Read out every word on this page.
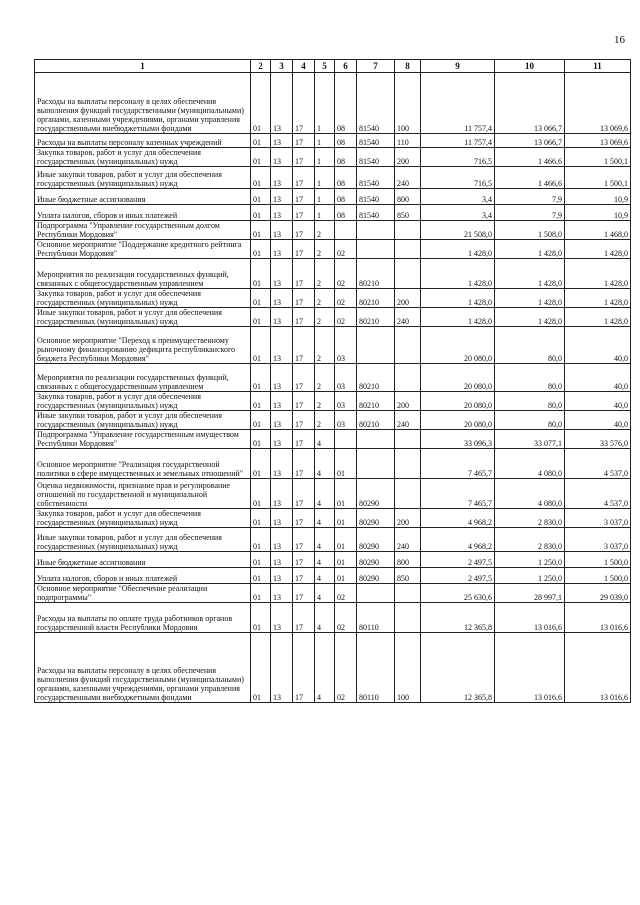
16
1	2	3	4	5	6	7	8	9	10	11
Расходы на выплаты персоналу в целях обеспечения выполнения функций государственными (муниципальными) органами, казенными учреждениями, органами управления государственными внебюджетными фондами	01	13	17	1	08	81540	100	11 757,4	13 066,7	13 069,6
Расходы на выплаты персоналу казенных учреждений	01	13	17	1	08	81540	110	11 757,4	13 066,7	13 069,6
Закупка товаров, работ и услуг для обеспечения государственных (муниципальных) нужд	01	13	17	1	08	81540	200	716,5	1 466,6	1 500,1
Иные закупки товаров, работ и услуг для обеспечения государственных (муниципальных) нужд	01	13	17	1	08	81540	240	716,5	1 466,6	1 500,1
Иные бюджетные ассигнования	01	13	17	1	08	81540	800	3,4	7,9	10,9
Уплата налогов, сборов и иных платежей	01	13	17	1	08	81540	850	3,4	7,9	10,9
Подпрограмма "Управление государственным долгом Республики Мордовия"	01	13	17	2				21 508,0	1 508,0	1 468,0
Основное мероприятие "Поддержание кредитного рейтинга Республики Мордовия"	01	13	17	2	02			1 428,0	1 428,0	1 428,0
Мероприятия по реализации государственных функций, связанных с общегосударственным управлением	01	13	17	2	02	80210		1 428,0	1 428,0	1 428,0
Закупка товаров, работ и услуг для обеспечения государственных (муниципальных) нужд	01	13	17	2	02	80210	200	1 428,0	1 428,0	1 428,0
Иные закупки товаров, работ и услуг для обеспечения государственных (муниципальных) нужд	01	13	17	2	02	80210	240	1 428,0	1 428,0	1 428,0
Основное мероприятие "Переход к преимущественному рыночному финансированию дефицита республиканского бюджета Республики Мордовия"	01	13	17	2	03			20 080,0	80,0	40,0
Мероприятия по реализации государственных функций, связанных с общегосударственным управлением	01	13	17	2	03	80210		20 080,0	80,0	40,0
Закупка товаров, работ и услуг для обеспечения государственных (муниципальных) нужд	01	13	17	2	03	80210	200	20 080,0	80,0	40,0
Иные закупки товаров, работ и услуг для обеспечения государственных (муниципальных) нужд	01	13	17	2	03	80210	240	20 080,0	80,0	40,0
Подпрограмма "Управление государственным имуществом Республики Мордовия"	01	13	17	4				33 096,3	33 077,1	33 576,0
Основное мероприятие "Реализация государственной политики в сфере имущественных и земельных отношений"	01	13	17	4	01			7 465,7	4 080,0	4 537,0
Оценка недвижимости, признание прав и регулирование отношений по государственной и муниципальной собственности	01	13	17	4	01	80290		7 465,7	4 080,0	4 537,0
Закупка товаров, работ и услуг для обеспечения государственных (муниципальных) нужд	01	13	17	4	01	80290	200	4 968,2	2 830,0	3 037,0
Иные закупки товаров, работ и услуг для обеспечения государственных (муниципальных) нужд	01	13	17	4	01	80290	240	4 968,2	2 830,0	3 037,0
Иные бюджетные ассигнования	01	13	17	4	01	80290	800	2 497,5	1 250,0	1 500,0
Уплата налогов, сборов и иных платежей	01	13	17	4	01	80290	850	2 497,5	1 250,0	1 500,0
Основное мероприятие "Обеспечение реализации подпрограммы"	01	13	17	4	02			25 630,6	28 997,1	29 039,0
Расходы на выплаты по оплате труда работников органов государственной власти Республики Мордовия	01	13	17	4	02	80110		12 365,8	13 016,6	13 016,6
Расходы на выплаты персоналу в целях обеспечения выполнения функций государственными (муниципальными) органами, казенными учреждениями, органами управления государственными внебюджетными фондами	01	13	17	4	02	80110	100	12 365,8	13 016,6	13 016,6
